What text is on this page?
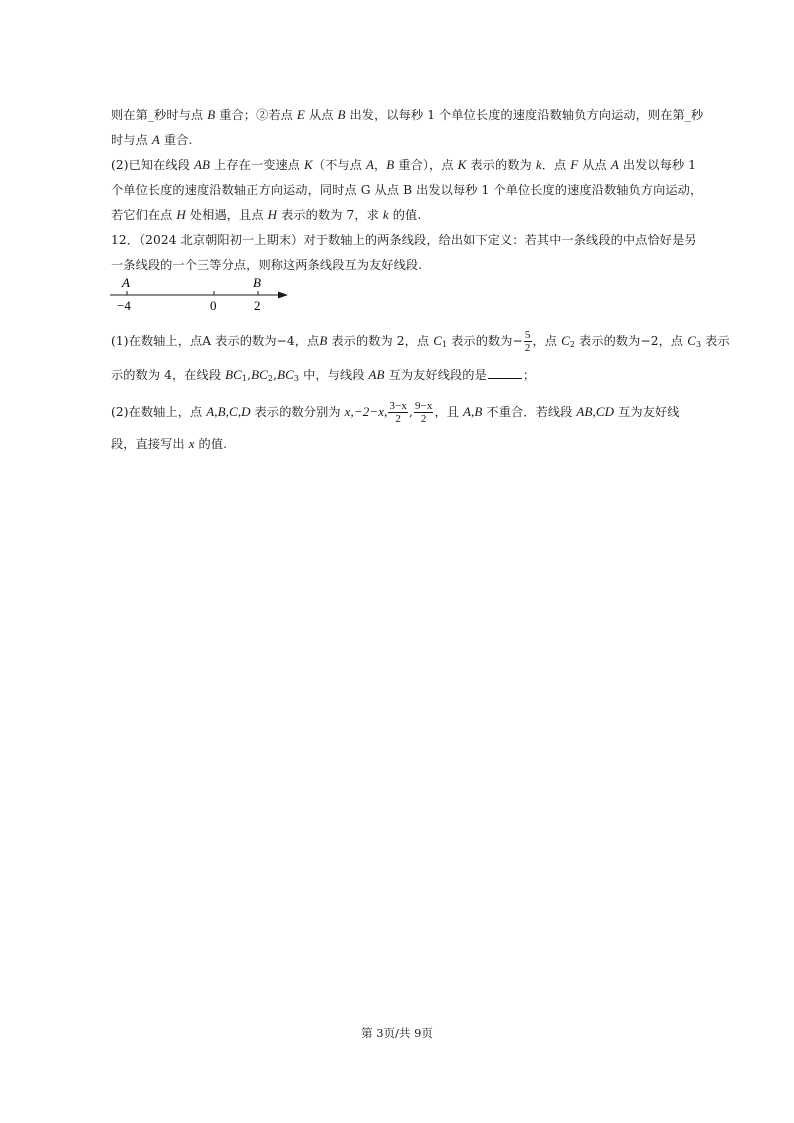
则在第_秒时与点 B 重合；②若点 E 从点 B 出发，以每秒 1 个单位长度的速度沿数轴负方向运动，则在第_秒
时与点 A 重合.
(2)已知在线段 AB 上存在一变速点 K（不与点 A，B 重合），点 K 表示的数为 k．点 F 从点 A 出发以每秒 1
个单位长度的速度沿数轴正方向运动，同时点 G 从点 B 出发以每秒 1 个单位长度的速度沿数轴负方向运动，
若它们在点 H 处相遇，且点 H 表示的数为 7，求 k 的值.
12．（2024 北京朝阳初一上期末）对于数轴上的两条线段，给出如下定义：若其中一条线段的中点恰好是另
一条线段的一个三等分点，则称这两条线段互为友好线段.
A	B
−4	0	2
(1)在数轴上，点A 表示的数为−4，点B 表示的数为 2，点 $C_1$ 表示的数为− $\frac{5}{2}$ ，点 $C_2$ 表示的数为−2，点 $C_3$ 表示
示的数为 4，在线段 $BC_1,BC_2,BC_3$ 中，与线段 AB 互为友好线段的是	；
(2)在数轴上，点 A,B,C,D 表示的数分别为 x,−2−x, $\frac{3-x}{2}$ , $\frac{9-x}{2}$ ，且 A,B 不重合．若线段 AB,CD 互为友好线
段，直接写出 x 的值.
第 3页/共 9页
